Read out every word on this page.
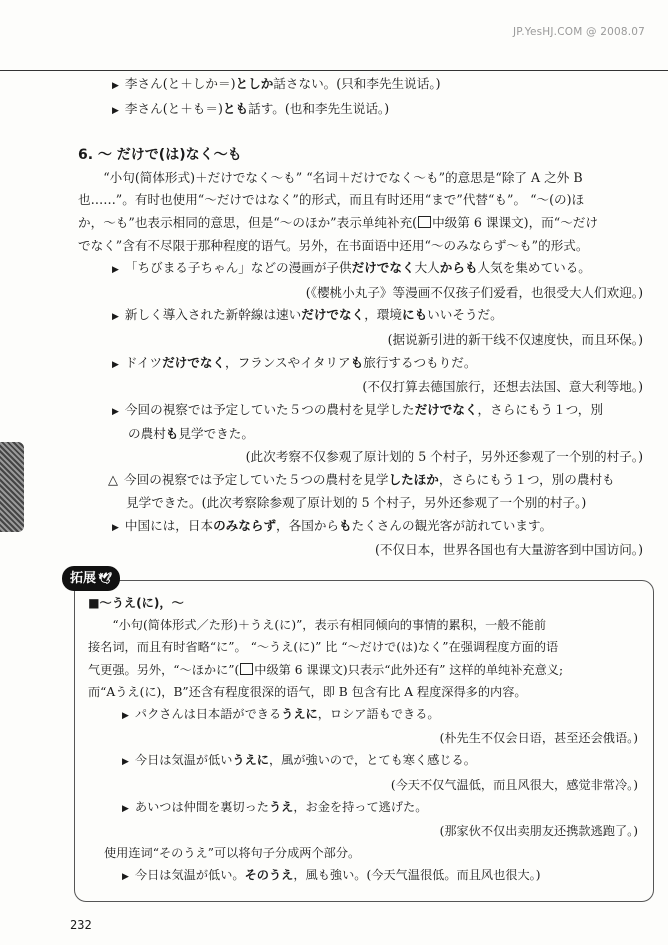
JP.YesHJ.COM @ 2008.07
▶ 李さん(と＋しか＝)としか話さない。(只和李先生说话。)
▶ 李さん(と＋も＝)とも話す。(也和李先生说话。)
6. ～ だけで(は)なく～も
“小句(简体形式)＋だけでなく～も” “名词＋だけでなく～も”的意思是“除了 A 之外 B
也……”。有时也使用“～だけではなく”的形式，而且有时还用“まで”代替“も”。 “～(の)ほ
か，～も”也表示相同的意思，但是“～のほか”表示单纯补充( 中级第 6 课课文)，而“～だけ
でなく”含有不尽限于那种程度的语气。另外，在书面语中还用“～のみならず～も”的形式。
▶ 「ちびまる子ちゃん」などの漫画が子供だけでなく大人からも人気を集めている。
(《樱桃小丸子》等漫画不仅孩子们爱看，也很受大人们欢迎。)
▶ 新しく導入された新幹線は速いだけでなく，環境にもいいそうだ。
(据说新引进的新干线不仅速度快，而且环保。)
▶ ドイツだけでなく，フランスやイタリアも旅行するつもりだ。
(不仅打算去德国旅行，还想去法国、意大利等地。)
▶ 今回の視察では予定していた５つの農村を見学しただけでなく，さらにもう１つ，別
の農村も見学できた。
(此次考察不仅参观了原计划的 5 个村子，另外还参观了一个别的村子。)
△ 今回の視察では予定していた５つの農村を見学したほか，さらにもう１つ，別の農村も
見学できた。(此次考察除参观了原计划的 5 个村子，另外还参观了一个别的村子。)
▶ 中国には，日本のみならず，各国からもたくさんの観光客が訪れています。
(不仅日本，世界各国也有大量游客到中国访问。)
拓展 🕊
■～うえ(に)，～
“小句(简体形式／た形)＋うえ(に)”，表示有相同倾向的事情的累积，一般不能前
接名词，而且有时省略“に”。 “～うえ(に)” 比 “～だけで(は)なく”在强调程度方面的语
气更强。另外，“～ほかに”( 中级第 6 课课文)只表示“此外还有” 这样的单纯补充意义;
而“Aうえ(に)，B”还含有程度很深的语气，即 B 包含有比 A 程度深得多的内容。
▶ パクさんは日本語ができるうえに，ロシア語もできる。
(朴先生不仅会日语，甚至还会俄语。)
▶ 今日は気温が低いうえに，風が強いので，とても寒く感じる。
(今天不仅气温低，而且风很大，感觉非常冷。)
▶ あいつは仲間を裏切ったうえ，お金を持って逃げた。
(那家伙不仅出卖朋友还携款逃跑了。)
使用连词“そのうえ”可以将句子分成两个部分。
▶ 今日は気温が低い。そのうえ，風も強い。(今天气温很低。而且风也很大。)
232
